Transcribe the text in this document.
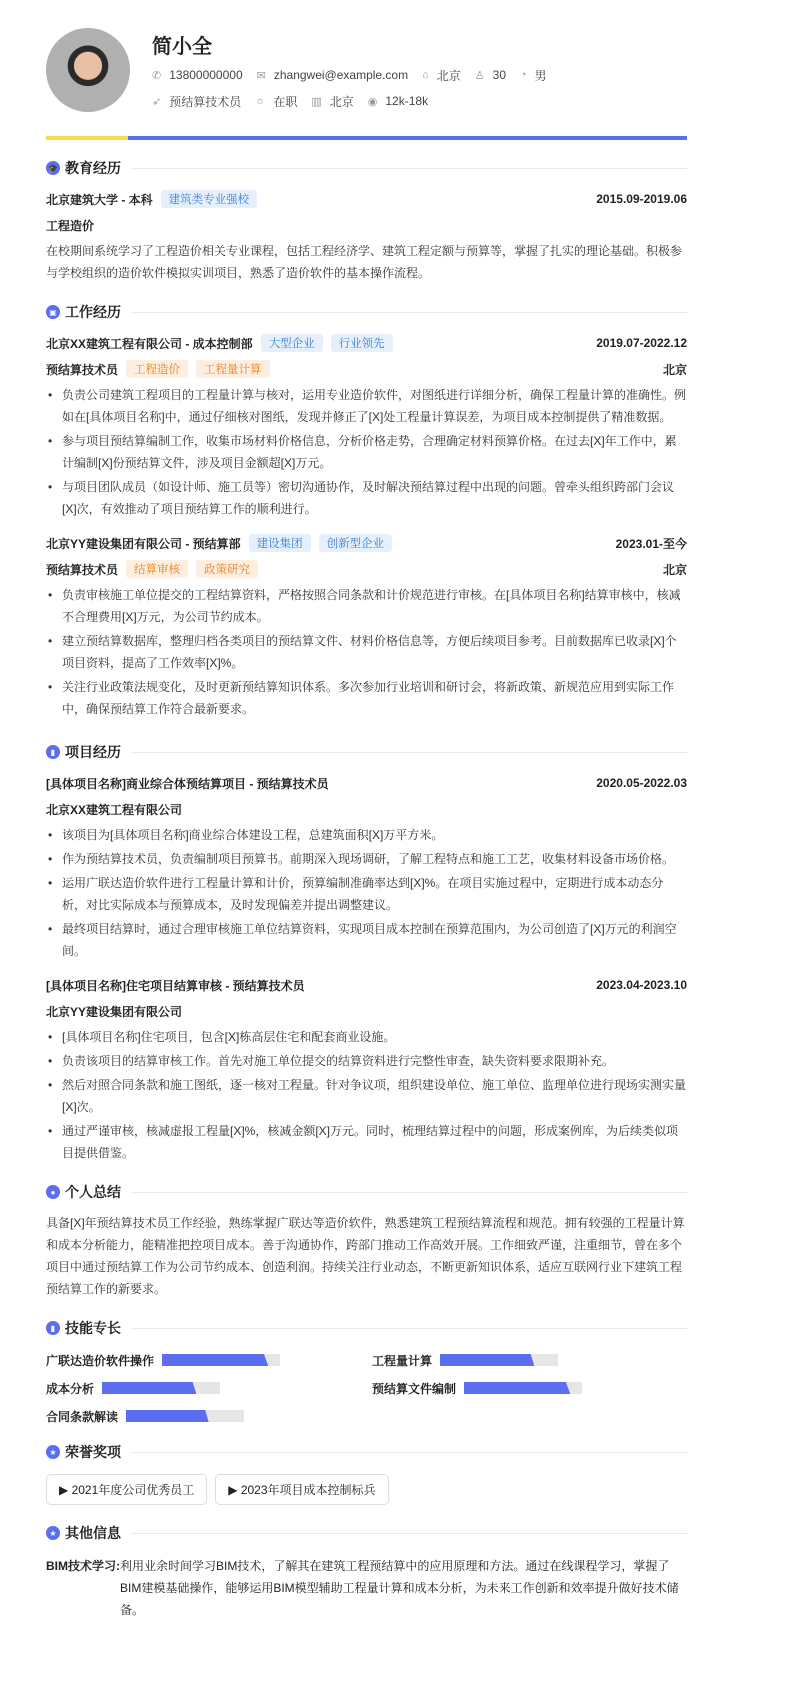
简小全
✆ 13800000000 ✉ zhangwei@example.com ⌂ 北京 ♙ 30 ◔ 男
➶ 预结算技术员 ☼ 在职 ▥ 北京 ◉ 12k-18k
🎓 教育经历
北京建筑大学 - 本科	建筑类专业强校	2015.09-2019.06
工程造价

在校期间系统学习了工程造价相关专业课程，包括工程经济学、建筑工程定额与预算等，掌握了扎实的理论基础。积极参与学校组织的造价软件模拟实训项目，熟悉了造价软件的基本操作流程。

▣ 工作经历
北京XX建筑工程有限公司 - 成本控制部	大型企业	行业领先	2019.07-2022.12
预结算技术员	工程造价	工程量计算	北京
• 负责公司建筑工程项目的工程量计算与核对，运用专业造价软件，对图纸进行详细分析，确保工程量计算的准确性。例如在[具体项目名称]中，通过仔细核对图纸，发现并修正了[X]处工程量计算误差，为项目成本控制提供了精准数据。
• 参与项目预结算编制工作，收集市场材料价格信息，分析价格走势，合理确定材料预算价格。在过去[X]年工作中，累计编制[X]份预结算文件，涉及项目金额超[X]万元。
• 与项目团队成员（如设计师、施工员等）密切沟通协作，及时解决预结算过程中出现的问题。曾牵头组织跨部门会议[X]次，有效推动了项目预结算工作的顺利进行。
北京YY建设集团有限公司 - 预结算部	建设集团	创新型企业	2023.01-至今
预结算技术员	结算审核	政策研究	北京
• 负责审核施工单位提交的工程结算资料，严格按照合同条款和计价规范进行审核。在[具体项目名称]结算审核中，核减不合理费用[X]万元，为公司节约成本。
• 建立预结算数据库，整理归档各类项目的预结算文件、材料价格信息等，方便后续项目参考。目前数据库已收录[X]个项目资料，提高了工作效率[X]%。
• 关注行业政策法规变化，及时更新预结算知识体系。多次参加行业培训和研讨会，将新政策、新规范应用到实际工作中，确保预结算工作符合最新要求。
▮ 项目经历
[具体项目名称]商业综合体预结算项目 - 预结算技术员	2020.05-2022.03
北京XX建筑工程有限公司
• 该项目为[具体项目名称]商业综合体建设工程，总建筑面积[X]万平方米。
• 作为预结算技术员，负责编制项目预算书。前期深入现场调研，了解工程特点和施工工艺，收集材料设备市场价格。
• 运用广联达造价软件进行工程量计算和计价，预算编制准确率达到[X]%。在项目实施过程中，定期进行成本动态分析，对比实际成本与预算成本，及时发现偏差并提出调整建议。
• 最终项目结算时，通过合理审核施工单位结算资料，实现项目成本控制在预算范围内，为公司创造了[X]万元的利润空间。
[具体项目名称]住宅项目结算审核 - 预结算技术员	2023.04-2023.10
北京YY建设集团有限公司
• [具体项目名称]住宅项目，包含[X]栋高层住宅和配套商业设施。
• 负责该项目的结算审核工作。首先对施工单位提交的结算资料进行完整性审查，缺失资料要求限期补充。
• 然后对照合同条款和施工图纸，逐一核对工程量。针对争议项，组织建设单位、施工单位、监理单位进行现场实测实量[X]次。
• 通过严谨审核，核减虚报工程量[X]%，核减金额[X]万元。同时，梳理结算过程中的问题，形成案例库，为后续类似项目提供借鉴。
● 个人总结

具备[X]年预结算技术员工作经验，熟练掌握广联达等造价软件，熟悉建筑工程预结算流程和规范。拥有较强的工程量计算和成本分析能力，能精准把控项目成本。善于沟通协作，跨部门推动工作高效开展。工作细致严谨，注重细节，曾在多个项目中通过预结算工作为公司节约成本、创造利润。持续关注行业动态，不断更新知识体系，适应互联网行业下建筑工程预结算工作的新要求。

▮ 技能专长
广联达造价软件操作	工程量计算
成本分析	预结算文件编制
合同条款解读
★ 荣誉奖项
▶ 2021年度公司优秀员工	▶ 2023年项目成本控制标兵
★ 其他信息
BIM技术学习: 利用业余时间学习BIM技术，了解其在建筑工程预结算中的应用原理和方法。通过在线课程学习，掌握了BIM建模基础操作，能够运用BIM模型辅助工程量计算和成本分析，为未来工作创新和效率提升做好技术储备。
